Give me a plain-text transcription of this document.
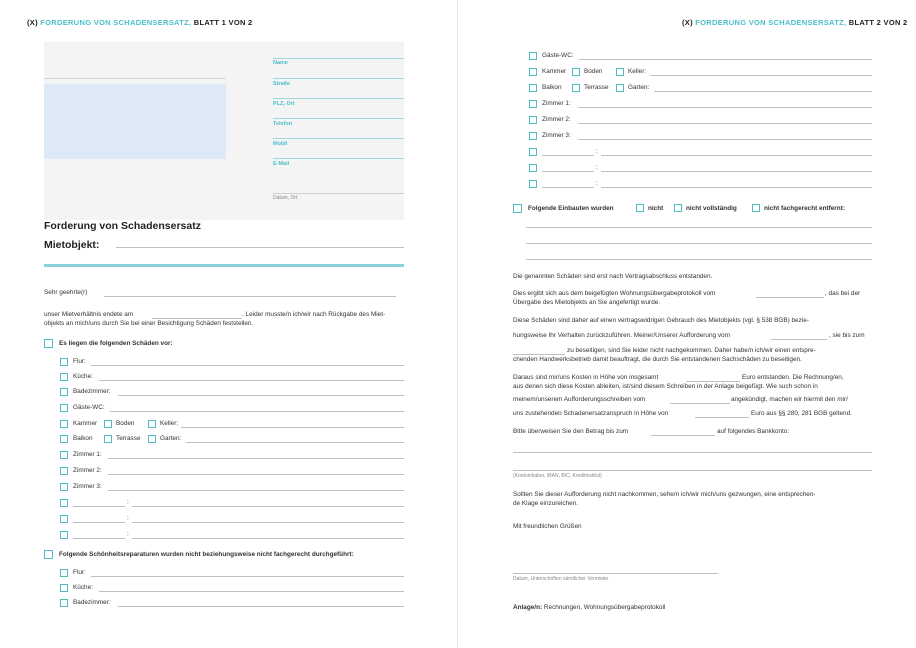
(X) FORDERUNG VON SCHADENSERSATZ, BLATT 1 VON 2
Name
Straße
PLZ, Ort
Telefon
Mobil
E-Mail
Datum, Ort
Forderung von Schadensersatz
Mietobjekt:
Sehr geehrte(r)
unser Mietverhältnis endete am	. Leider musste/n ich/wir nach Rückgabe des Miet-
objekts an mich/uns durch Sie bei einer Besichtigung Schäden feststellen.
Es liegen die folgenden Schäden vor:
Flur:
Küche:
Badezimmer:
Gäste-WC:
Kammer	Boden	Keller:
Balkon	Terrasse	Garten:
Zimmer 1:
Zimmer 2:
Zimmer 3:
:
:
:
Folgende Schönheitsreparaturen wurden nicht beziehungsweise nicht fachgerecht durchgeführt:
Flur:
Küche:
Badezimmer:
(X) FORDERUNG VON SCHADENSERSATZ, BLATT 2 VON 2
Gäste-WC:
Kammer	Boden	Keller:
Balkon	Terrasse	Garten:
Zimmer 1:
Zimmer 2:
Zimmer 3:
:
:
:
Folgende Einbauten wurden	nicht	nicht vollständig	nicht fachgerecht entfernt:
Die genannten Schäden sind erst nach Vertragsabschluss entstanden.
Dies ergibt sich aus dem beigefügten Wohnungsübergabeprotokoll vom	, das bei der
Übergabe des Mietobjekts an Sie angefertigt wurde.
Diese Schäden sind daher auf einen vertragswidrigen Gebrauch des Mietobjekts (vgl. § 538 BGB) bezie-
hungsweise Ihr Verhalten zurückzuführen. Meiner/Unserer Aufforderung vom	, sie bis zum
zu beseitigen, sind Sie leider nicht nachgekommen. Daher habe/n ich/wir einen entspre-
chenden Handwerksbetrieb damit beauftragt, die durch Sie entstandenen Sachschäden zu beseitigen.
Daraus sind mir/uns Kosten in Höhe von insgesamt	Euro entstanden. Die Rechnung/en,
aus denen sich diese Kosten ableiten, ist/sind diesem Schreiben in der Anlage beigefügt. Wie such schon in
meinem/unserem Aufforderungsschreiben vom	angekündigt, machen wir hiermit den mir/
uns zustehenden Schadenersatzanspruch in Höhe von	Euro aus §§ 280, 281 BGB geltend.
Bitte überweisen Sie den Betrag bis zum	auf folgendes Bankkonto:
(Kontoinhaber, IBAN, BIC, Kreditinstitut)
Sollten Sie dieser Aufforderung nicht nachkommen, sehe/n ich/wir mich/uns gezwungen, eine entsprechen-
de Klage einzureichen.
Mit freundlichen Grüßen
Datum, Unterschriften sämtlicher Vermieter
Anlage/n: Rechnungen, Wohnungsübergabeprotokoll
